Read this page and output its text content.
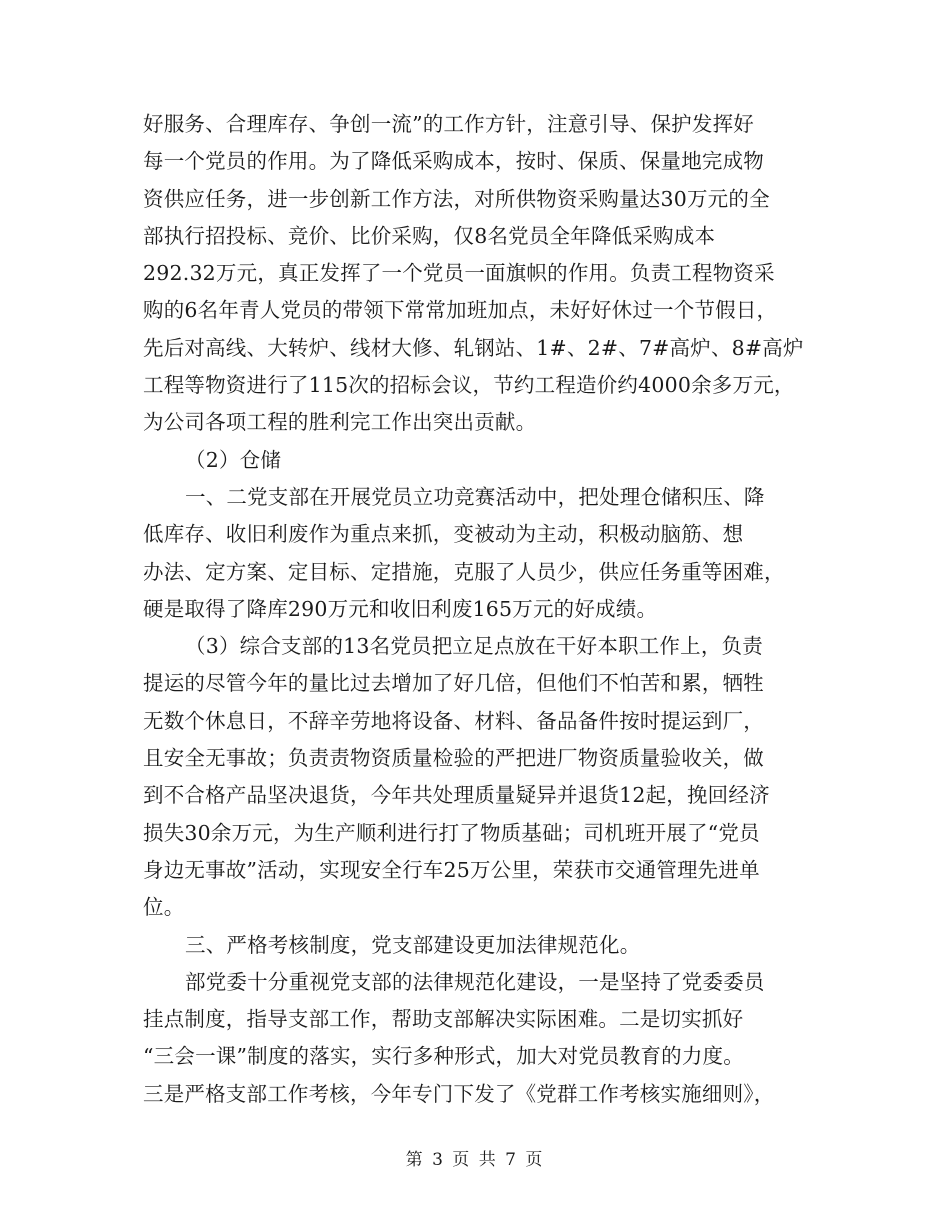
好服务、合理库存、争创一流”的工作方针，注意引导、保护发挥好
每一个党员的作用。为了降低采购成本，按时、保质、保量地完成物
资供应任务，进一步创新工作方法，对所供物资采购量达30万元的全
部执行招投标、竞价、比价采购，仅8名党员全年降低采购成本
292.32万元，真正发挥了一个党员一面旗帜的作用。负责工程物资采
购的6名年青人党员的带领下常常加班加点，未好好休过一个节假日，
先后对高线、大转炉、线材大修、轧钢站、1#、2#、7#高炉、8#高炉
工程等物资进行了115次的招标会议，节约工程造价约4000余多万元，
为公司各项工程的胜利完工作出突出贡献。
（2）仓储
一、二党支部在开展党员立功竞赛活动中，把处理仓储积压、降
低库存、收旧利废作为重点来抓，变被动为主动，积极动脑筋、想
办法、定方案、定目标、定措施，克服了人员少，供应任务重等困难，
硬是取得了降库290万元和收旧利废165万元的好成绩。
（3）综合支部的13名党员把立足点放在干好本职工作上，负责
提运的尽管今年的量比过去增加了好几倍，但他们不怕苦和累，牺牲
无数个休息日，不辞辛劳地将设备、材料、备品备件按时提运到厂，
且安全无事故；负责责物资质量检验的严把进厂物资质量验收关，做
到不合格产品坚决退货，今年共处理质量疑异并退货12起，挽回经济
损失30余万元，为生产顺利进行打了物质基础；司机班开展了“党员
身边无事故”活动，实现安全行车25万公里，荣获市交通管理先进单
位。
三、严格考核制度，党支部建设更加法律规范化。
部党委十分重视党支部的法律规范化建设，一是坚持了党委委员
挂点制度，指导支部工作，帮助支部解决实际困难。二是切实抓好
“三会一课”制度的落实，实行多种形式，加大对党员教育的力度。
三是严格支部工作考核，今年专门下发了《党群工作考核实施细则》，
第 3 页 共 7 页
